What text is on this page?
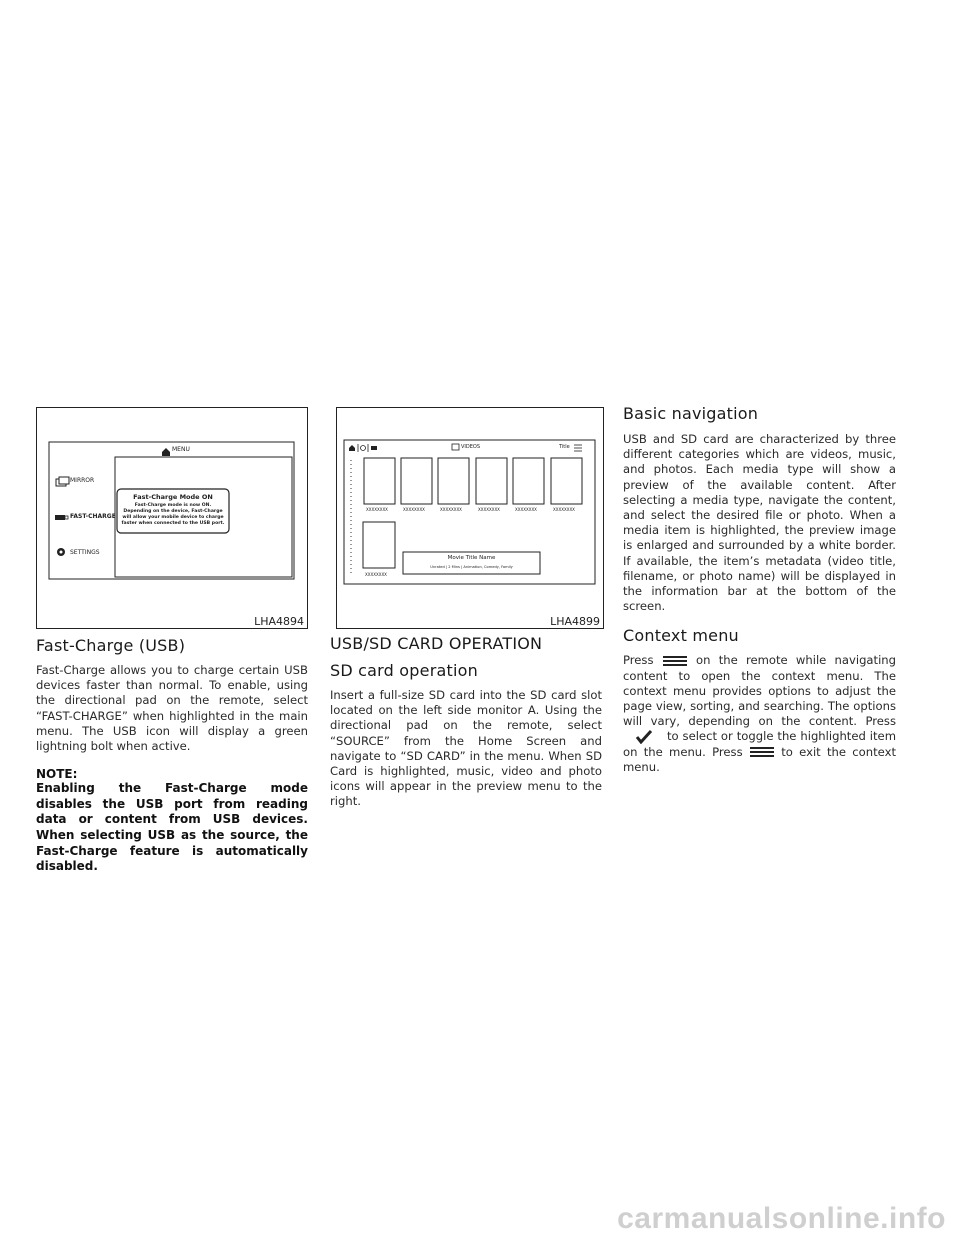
MENU
MIRROR
FAST-CHARGE
SETTINGS
Fast-Charge Mode ON
Fast-Charge mode is now ON. Depending on the device, Fast-Charge will allow your mobile device to charge faster when connected to the USB port.
LHA4894
VIDEOS	Title
XXXXXXXX	XXXXXXXX	XXXXXXXX	XXXXXXXX	XXXXXXXX	XXXXXXXX
XXXXXXXX
Movie Title Name
Unrated | 2 Mins | Animation, Comedy, Family
LHA4899
Fast-Charge (USB)

Fast-Charge allows you to charge certain USB devices faster than normal. To enable, using the directional pad on the remote, select “FAST-CHARGE” when highlighted in the main menu. The USB icon will display a green lightning bolt when active.

NOTE:
Enabling the Fast-Charge mode disables the USB port from reading data or content from USB devices. When selecting USB as the source, the Fast-Charge feature is automatically disabled.
USB/SD CARD OPERATION
SD card operation

Insert a full-size SD card into the SD card slot located on the left side monitor A. Using the directional pad on the remote, select “SOURCE” from the Home Screen and navigate to “SD CARD” in the menu. When SD Card is highlighted, music, video and photo icons will appear in the preview menu to the right.

Basic navigation

USB and SD card are characterized by three different categories which are videos, music, and photos. Each media type will show a preview of the available content. After selecting a media type, navigate the content, and select the desired file or photo. When a media item is highlighted, the preview image is enlarged and surrounded by a white border. If available, the item’s metadata (video title, filename, or photo name) will be displayed in the information bar at the bottom of the screen.

Context menu

Press	on the remote while navigating content to open the context menu. The context menu provides options to adjust the page view, sorting, and searching. The options will vary, depending on the content. Press  to select or toggle the highlighted item on the menu. Press	to exit the context menu.

carmanualsonline.info
